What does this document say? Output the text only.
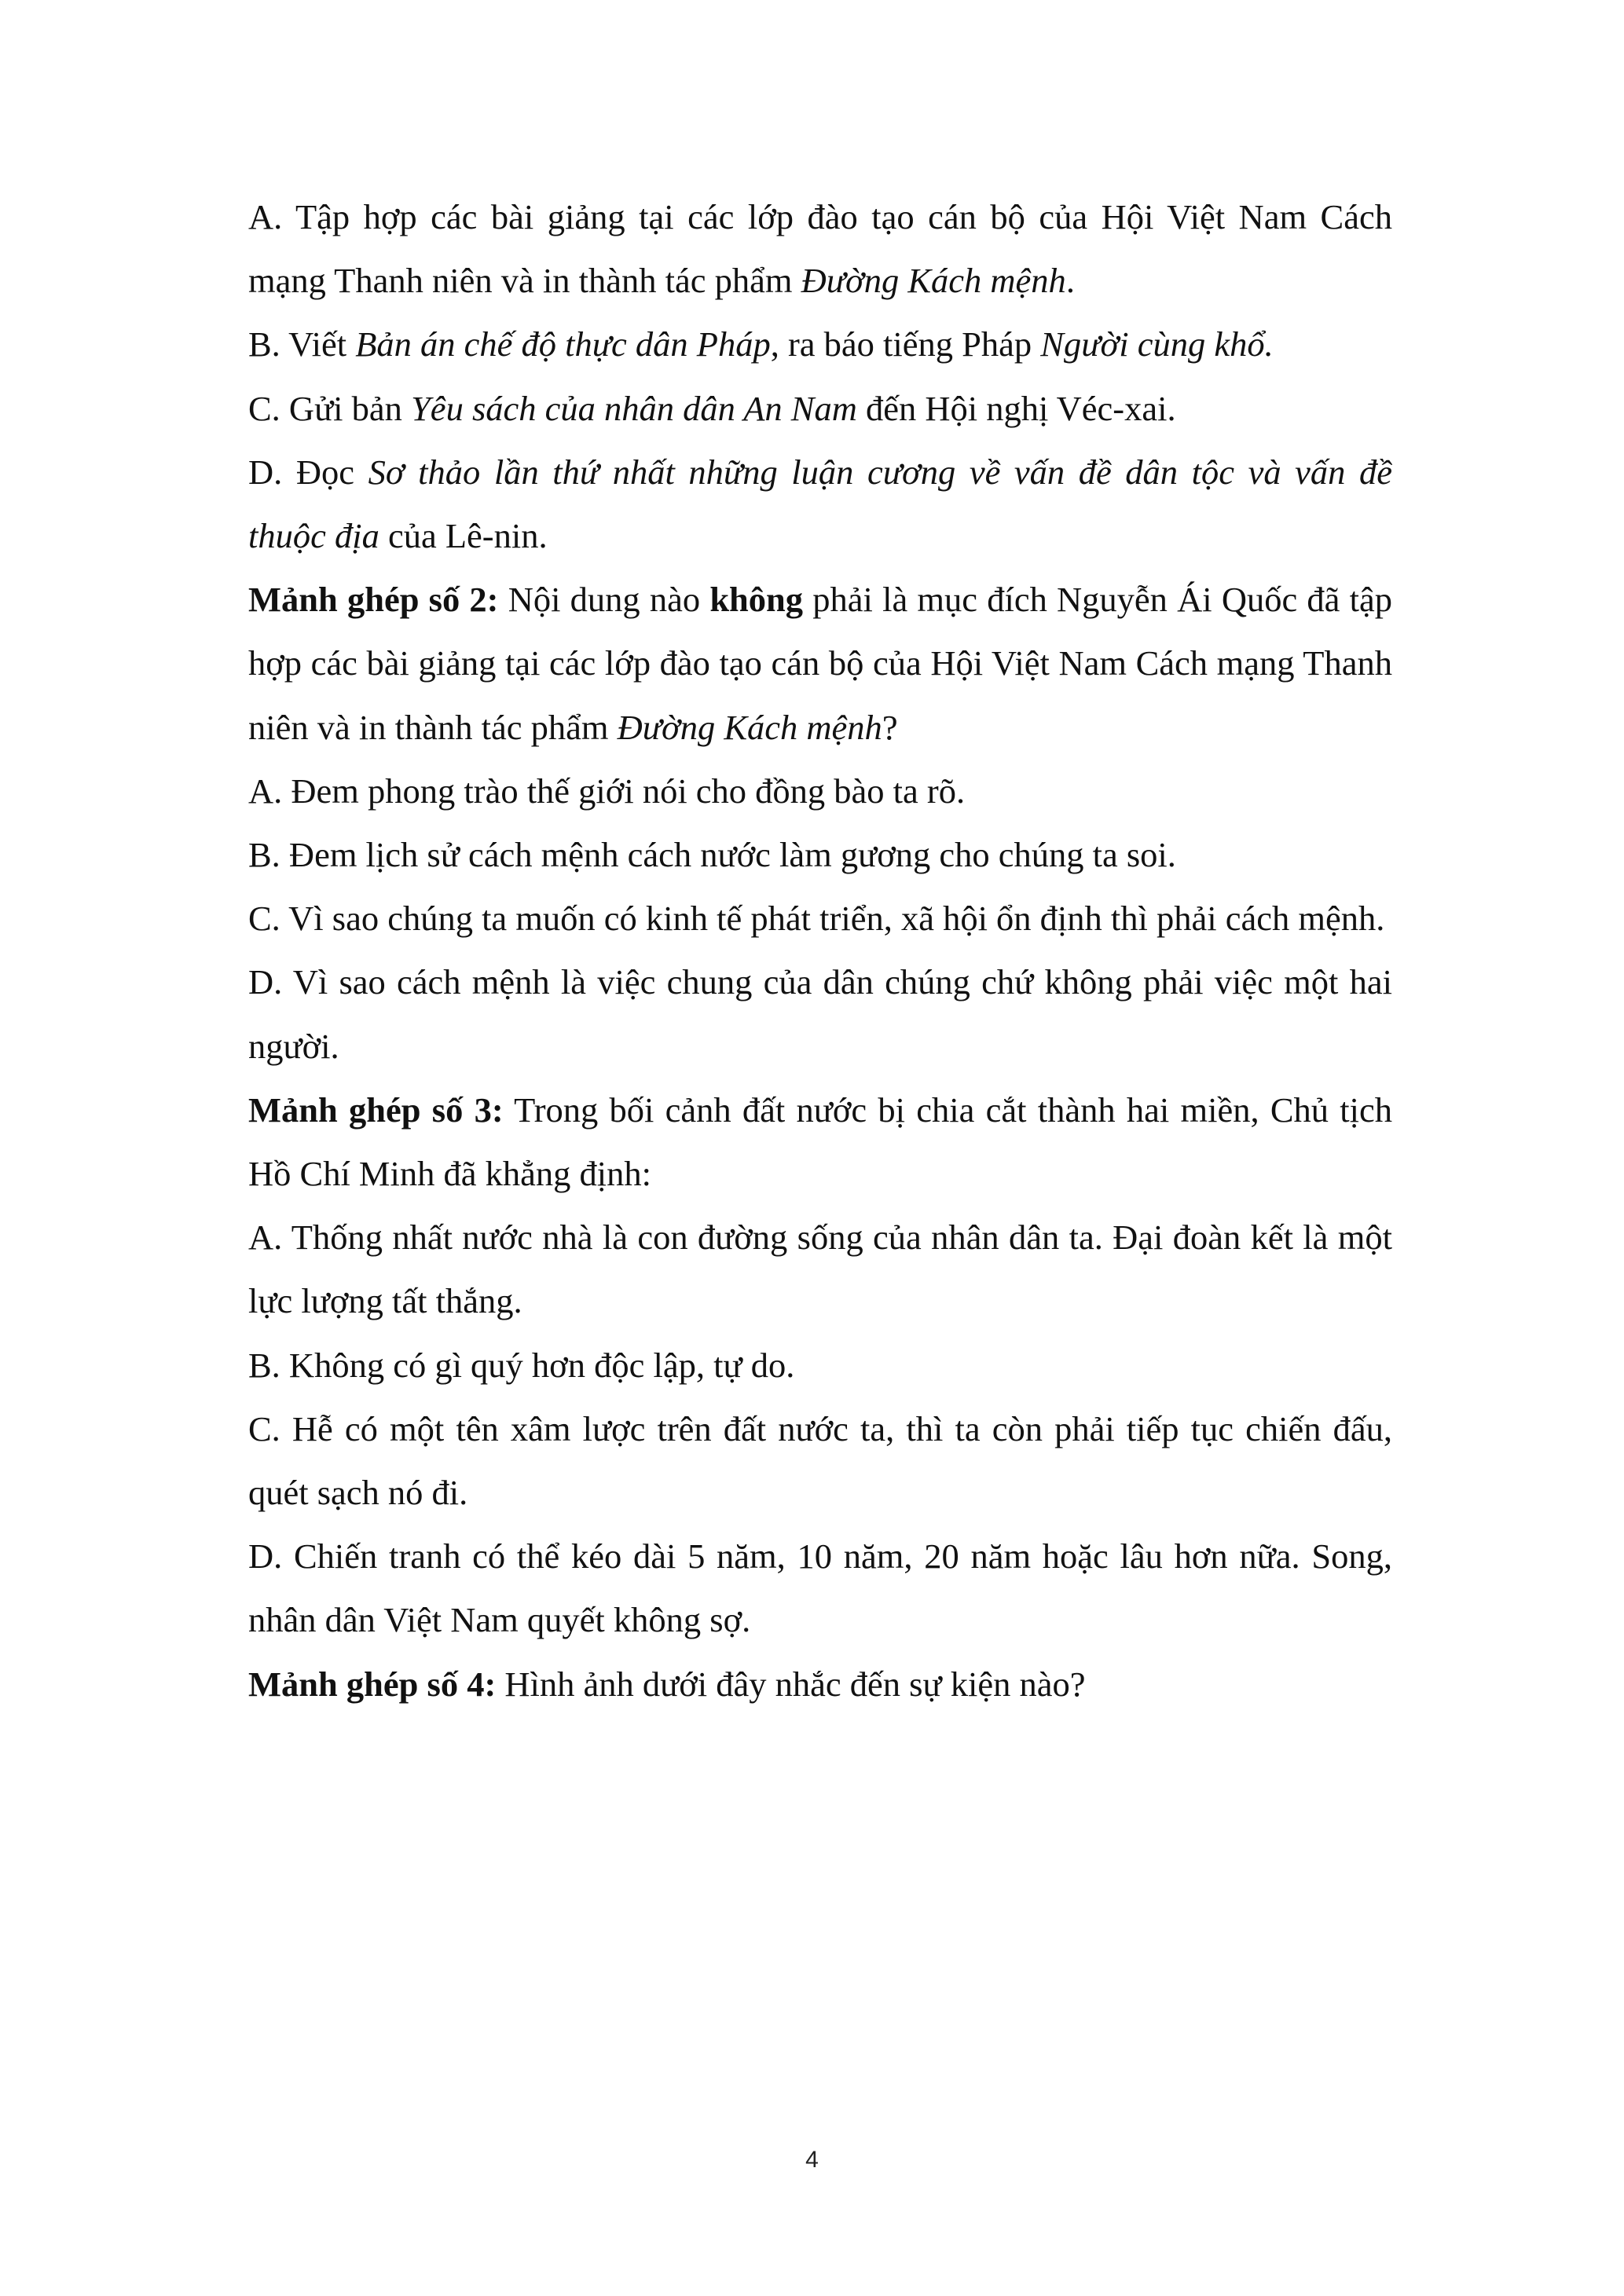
A. Tập hợp các bài giảng tại các lớp đào tạo cán bộ của Hội Việt Nam Cách mạng Thanh niên và in thành tác phẩm Đường Kách mệnh.

B. Viết Bản án chế độ thực dân Pháp, ra báo tiếng Pháp Người cùng khổ.

C. Gửi bản Yêu sách của nhân dân An Nam đến Hội nghị Véc-xai.

D. Đọc Sơ thảo lần thứ nhất những luận cương về vấn đề dân tộc và vấn đề thuộc địa của Lê-nin.

Mảnh ghép số 2: Nội dung nào không phải là mục đích Nguyễn Ái Quốc đã tập hợp các bài giảng tại các lớp đào tạo cán bộ của Hội Việt Nam Cách mạng Thanh niên và in thành tác phẩm Đường Kách mệnh?

A. Đem phong trào thế giới nói cho đồng bào ta rõ.

B. Đem lịch sử cách mệnh cách nước làm gương cho chúng ta soi.

C. Vì sao chúng ta muốn có kinh tế phát triển, xã hội ổn định thì phải cách mệnh.

D. Vì sao cách mệnh là việc chung của dân chúng chứ không phải việc một hai người.

Mảnh ghép số 3: Trong bối cảnh đất nước bị chia cắt thành hai miền, Chủ tịch Hồ Chí Minh đã khẳng định:

A. Thống nhất nước nhà là con đường sống của nhân dân ta. Đại đoàn kết là một lực lượng tất thắng.

B. Không có gì quý hơn độc lập, tự do.

C. Hễ có một tên xâm lược trên đất nước ta, thì ta còn phải tiếp tục chiến đấu, quét sạch nó đi.

D. Chiến tranh có thể kéo dài 5 năm, 10 năm, 20 năm hoặc lâu hơn nữa. Song, nhân dân Việt Nam quyết không sợ.

Mảnh ghép số 4: Hình ảnh dưới đây nhắc đến sự kiện nào?

4
